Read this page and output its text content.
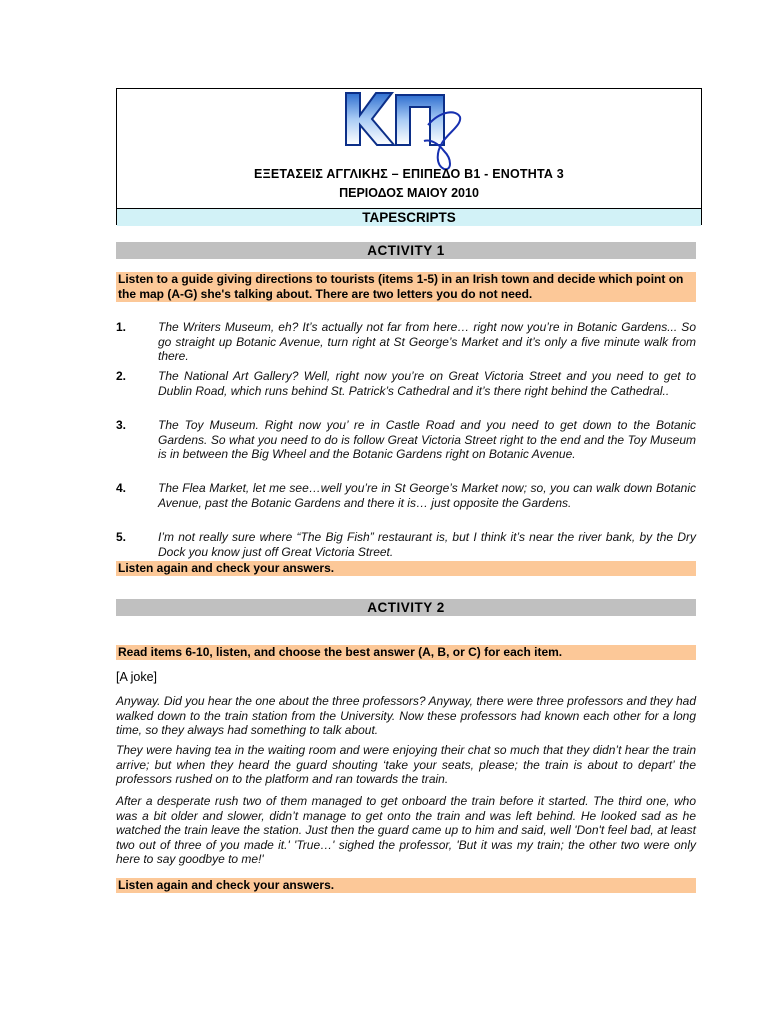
ΕΞΕΤΑΣΕΙΣ ΑΓΓΛΙΚΗΣ – ΕΠΙΠΕΔΟ Β1 - ΕΝΟΤΗΤΑ 3
ΠΕΡΙΟΔΟΣ ΜΑΙΟΥ 2010
TAPESCRIPTS
ACTIVITY 1
Listen to a guide giving directions to tourists (items 1-5) in an Irish town and decide which point on the map (A-G) she's talking about. There are two letters you do not need.
1.	The Writers Museum, eh? It’s actually not far from here… right now you’re in Botanic Gardens... So go straight up Botanic Avenue, turn right at St George’s Market and it’s only a five minute walk from there.
2.	The National Art Gallery? Well, right now you’re on Great Victoria Street and you need to get to Dublin Road, which runs behind St. Patrick’s Cathedral and it’s there right behind the Cathedral..
3.	The Toy Museum. Right now you’ re in Castle Road and you need to get down to the Botanic Gardens. So what you need to do is follow Great Victoria Street right to the end and the Toy Museum is in between the Big Wheel and the Botanic Gardens right on Botanic Avenue.
4.	The Flea Market, let me see…well you’re in St George’s Market now; so, you can walk down Botanic Avenue, past the Botanic Gardens and there it is… just opposite the Gardens.
5.	I’m not really sure where “The Big Fish” restaurant is, but I think it’s near the river bank, by the Dry Dock you know just off Great Victoria Street.
Listen again and check your answers.
ACTIVITY 2
Read items 6-10, listen, and choose the best answer (A, B, or C) for each item.
[A joke]
Anyway. Did you hear the one about the three professors? Anyway, there were three professors and they had walked down to the train station from the University. Now these professors had known each other for a long time, so they always had something to talk about.
They were having tea in the waiting room and were enjoying their chat so much that they didn’t hear the train arrive; but when they heard the guard shouting ‘take your seats, please; the train is about to depart’ the professors rushed on to the platform and ran towards the train.
After a desperate rush two of them managed to get onboard the train before it started. The third one, who was a bit older and slower, didn’t manage to get onto the train and was left behind. He looked sad as he watched the train leave the station. Just then the guard came up to him and said, well 'Don't feel bad, at least two out of three of you made it.' 'True…' sighed the professor, 'But it was my train; the other two were only here to say goodbye to me!'
Listen again and check your answers.
